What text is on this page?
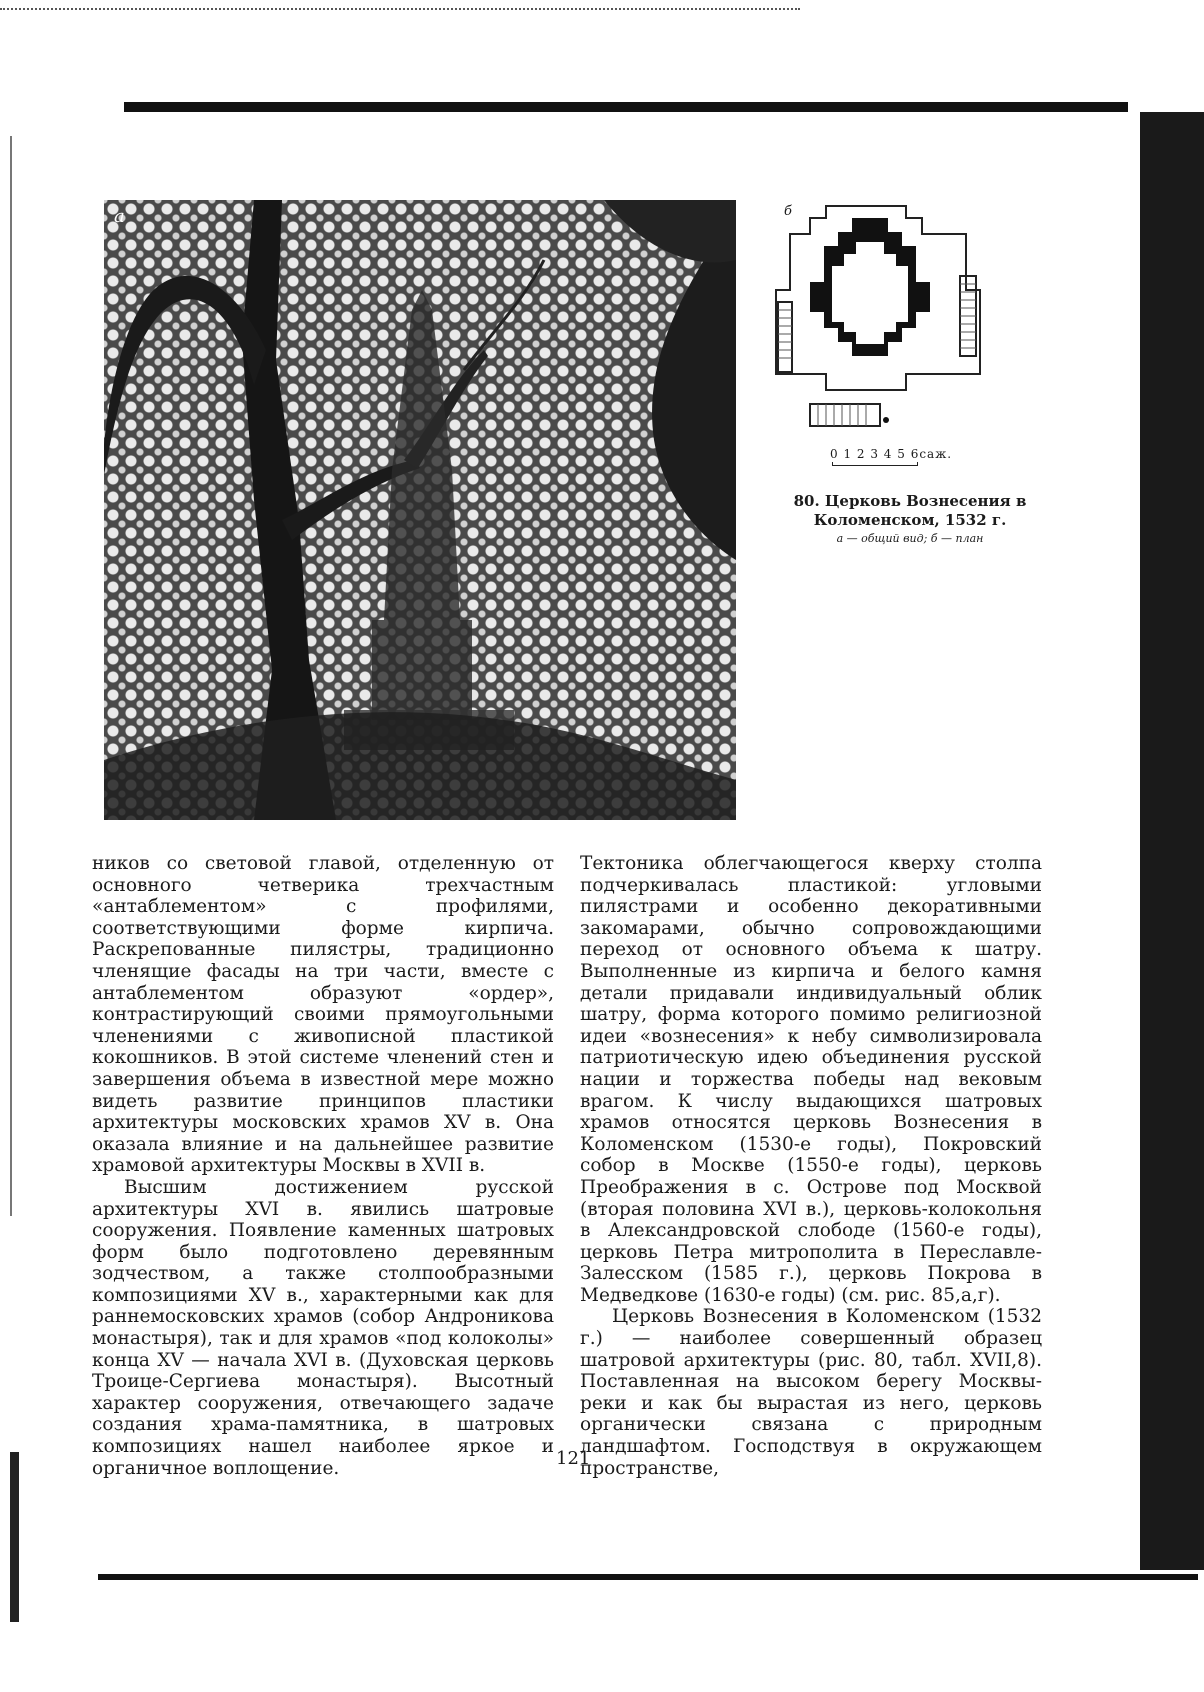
а	б
0 1 2 3 4 5 6саж.
80. Церковь Вознесения в Коломенском, 1532 г.
а — общий вид; б — план

ников со световой главой, отделенную от основного четверика трехчастным «антаблементом» с профилями, соответствующими форме кирпича. Раскрепованные пилястры, традиционно членящие фасады на три части, вместе с антаблементом образуют «ордер», контрастирующий своими прямоугольными членениями с живописной пластикой кокошников. В этой системе членений стен и завершения объема в известной мере можно видеть развитие принципов пластики архитектуры московских храмов XV в. Она оказала влияние и на дальнейшее развитие храмовой архитектуры Москвы в XVII в.

Высшим достижением русской архитектуры XVI в. явились шатровые сооружения. Появление каменных шатровых форм было подготовлено деревянным зодчеством, а также столпообразными композициями XV в., характерными как для раннемосковских храмов (собор Андроникова монастыря), так и для храмов «под колоколы» конца XV — начала XVI в. (Духовская церковь Троице-Сергиева монастыря). Высотный характер сооружения, отвечающего задаче создания храма-памятника, в шатровых композициях нашел наиболее яркое и органичное воплощение.

Тектоника облегчающегося кверху столпа подчеркивалась пластикой: угловыми пилястрами и особенно декоративными закомарами, обычно сопровождающими переход от основного объема к шатру. Выполненные из кирпича и белого камня детали придавали индивидуальный облик шатру, форма которого помимо религиозной идеи «вознесения» к небу символизировала патриотическую идею объединения русской нации и торжества победы над вековым врагом. К числу выдающихся шатровых храмов относятся церковь Вознесения в Коломенском (1530-е годы), Покровский собор в Москве (1550-е годы), церковь Преображения в с. Острове под Москвой (вторая половина XVI в.), церковь-колокольня в Александровской слободе (1560-е годы), церковь Петра митрополита в Переславле-Залесском (1585 г.), церковь Покрова в Медведкове (1630-е годы) (см. рис. 85,а,г).

Церковь Вознесения в Коломенском (1532 г.) — наиболее совершенный образец шатровой архитектуры (рис. 80, табл. XVII,8). Поставленная на высоком берегу Москвы-реки и как бы вырастая из него, церковь органически связана с природным ландшафтом. Господствуя в окружающем пространстве,

121
